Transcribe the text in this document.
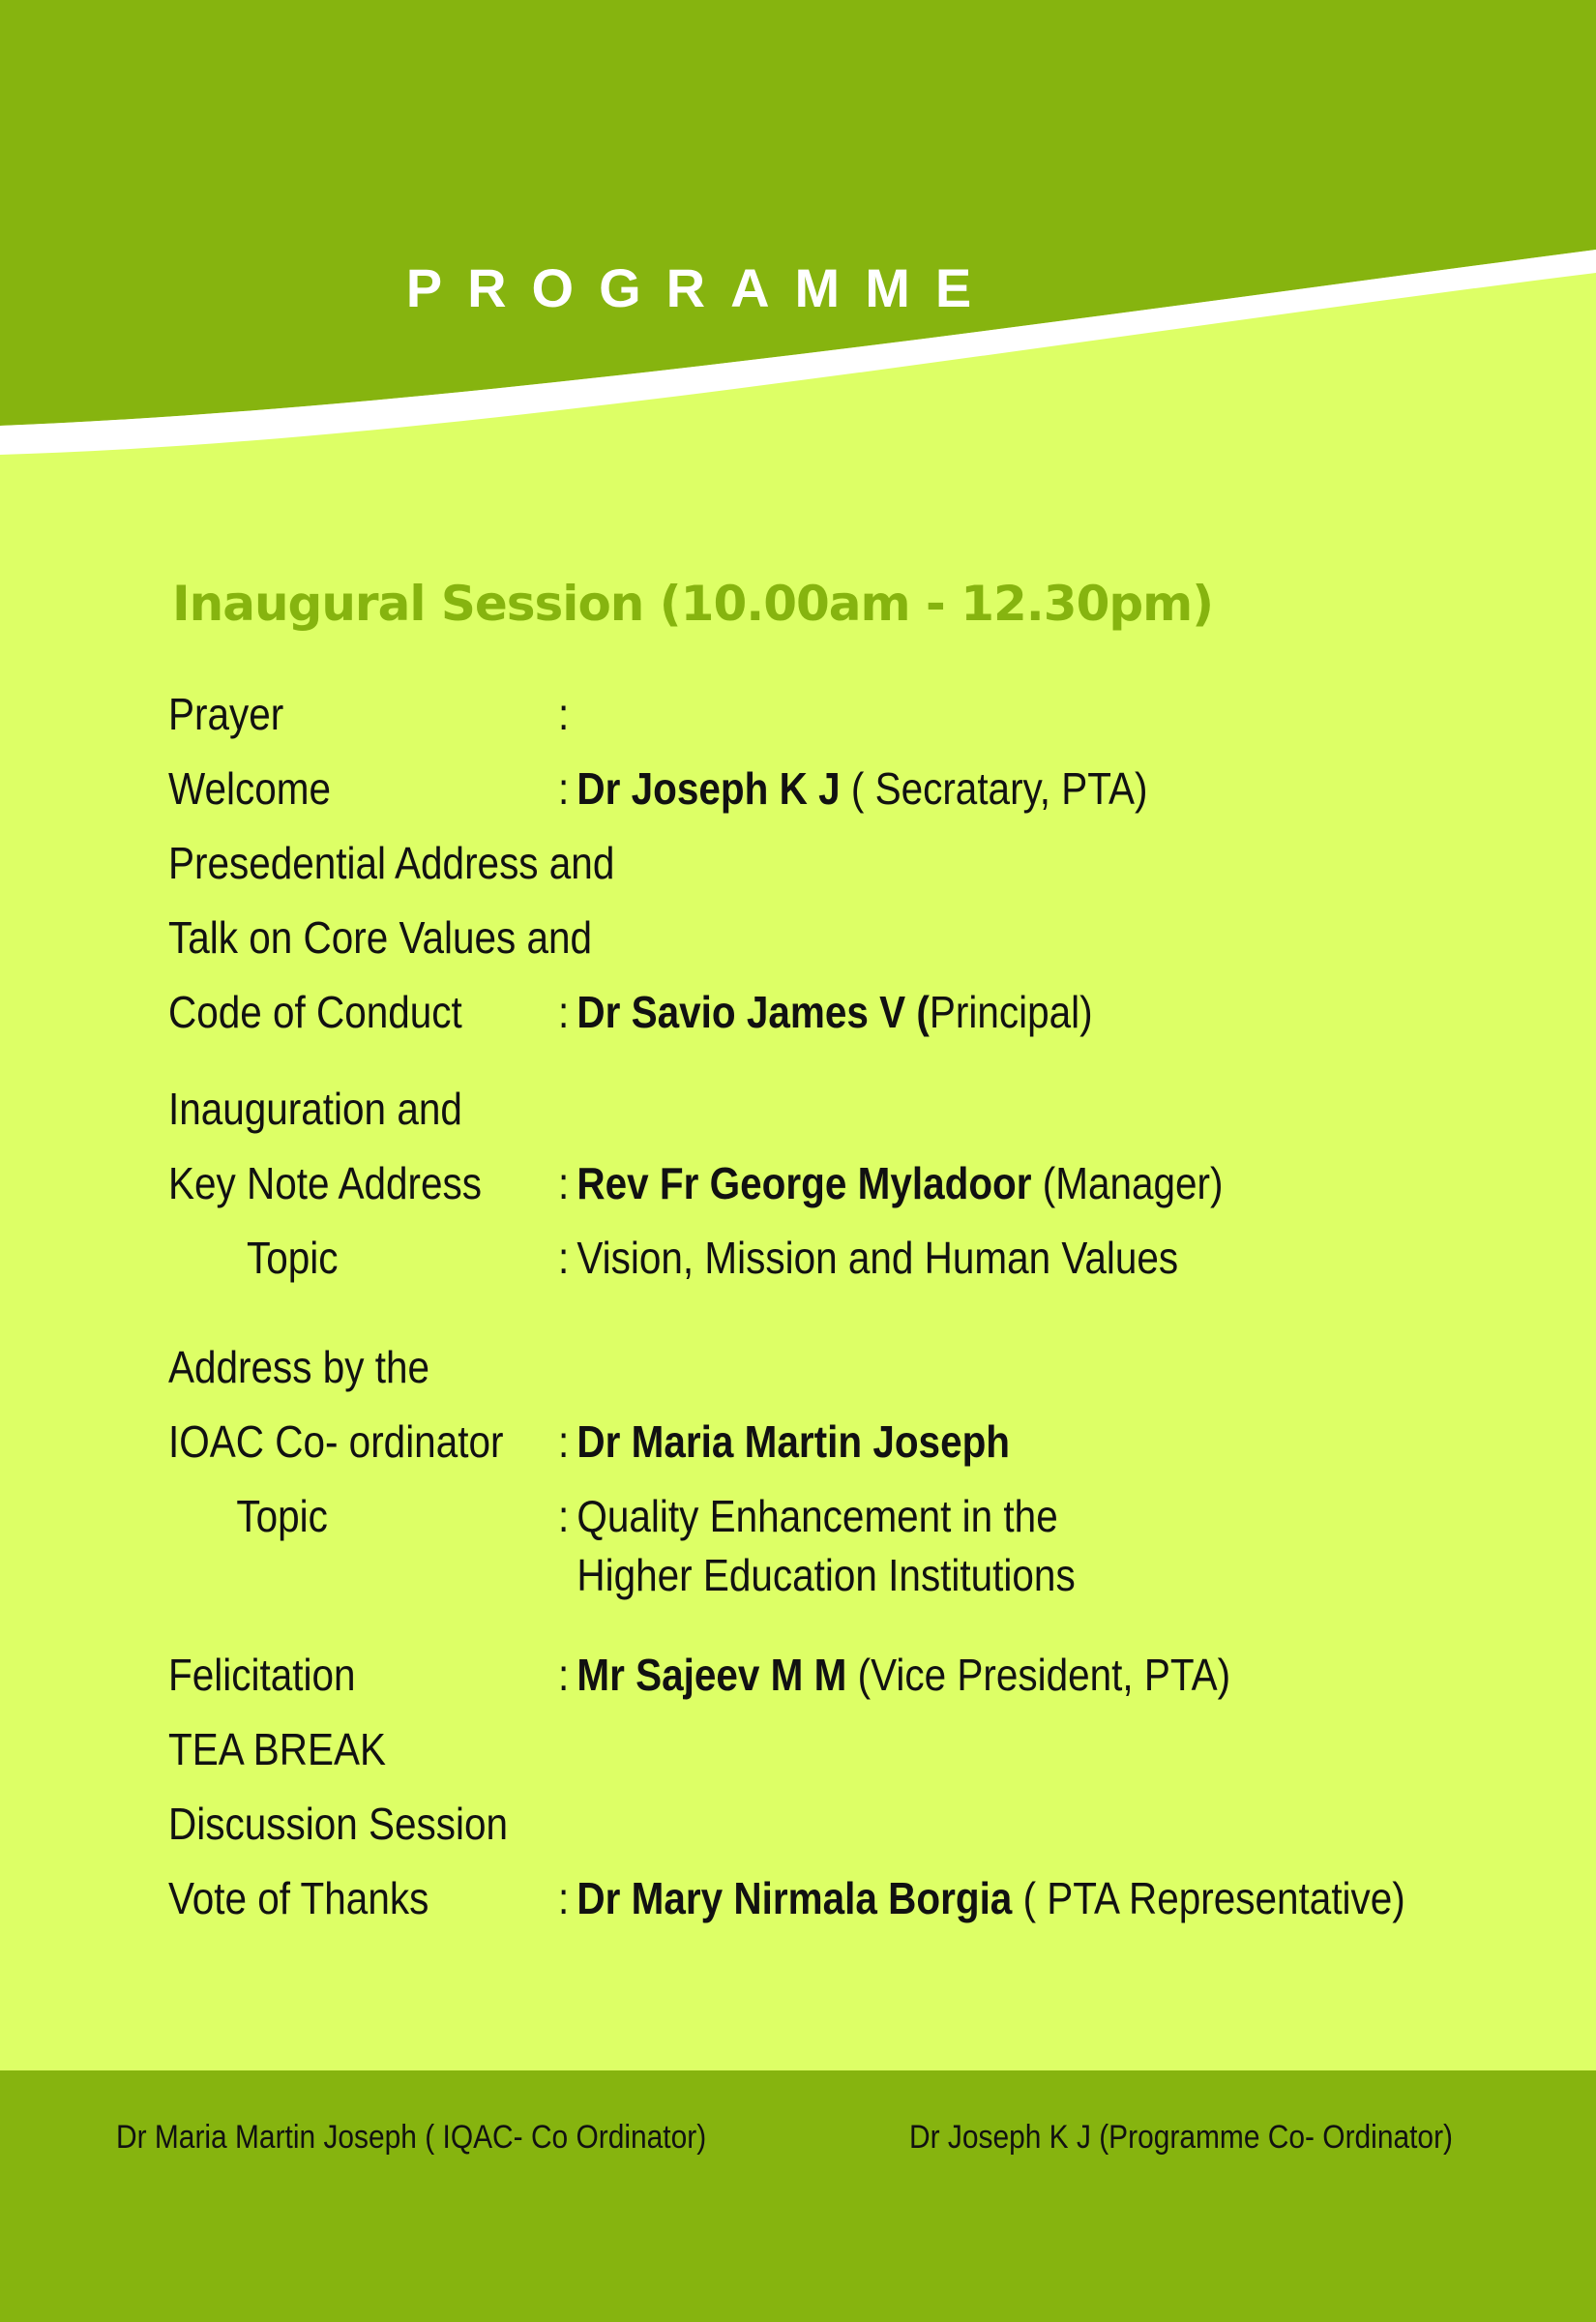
PROGRAMME
Inaugural Session (10.00am - 12.30pm)
Prayer	:
Welcome	: Dr Joseph K J ( Secratary, PTA)
Presedential Address and
Talk on Core Values and
Code of Conduct : Dr Savio James V (Principal)
Inauguration and
Key Note Address : Rev Fr George Myladoor (Manager)
Topic	: Vision, Mission and Human Values
Address by the
IOAC Co- ordinator : Dr Maria Martin Joseph
Topic	: Quality Enhancement in the
Higher Education Institutions
Felicitation	: Mr Sajeev M M (Vice President, PTA)
TEA BREAK
Discussion Session
Vote of Thanks	: Dr Mary Nirmala Borgia ( PTA Representative)
Dr Maria Martin Joseph ( IQAC- Co Ordinator)	Dr Joseph K J (Programme Co- Ordinator)
